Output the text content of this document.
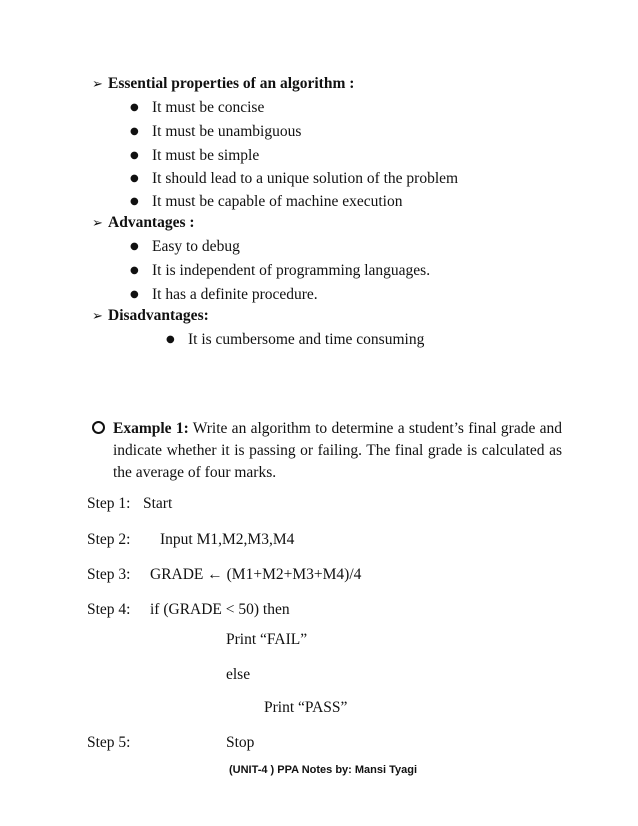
➢ Essential properties of an algorithm :
● It must be concise
● It must be unambiguous
● It must be simple
● It should lead to a unique solution of the problem
● It must be capable of machine execution
➢ Advantages :
● Easy to debug
● It is independent of programming languages.
● It has a definite procedure.
➢ Disadvantages:
● It is cumbersome and time consuming
Example 1: Write an algorithm to determine a student’s final grade and indicate whether it is passing or failing. The final grade is calculated as the average of four marks.
Step 1: Start
Step 2: Input M1,M2,M3,M4
Step 3: GRADE ← (M1+M2+M3+M4)/4
Step 4: if (GRADE < 50) then
Print “FAIL”
else
Print “PASS”
Step 5:	Stop
(UNIT-4 ) PPA Notes by: Mansi Tyagi
